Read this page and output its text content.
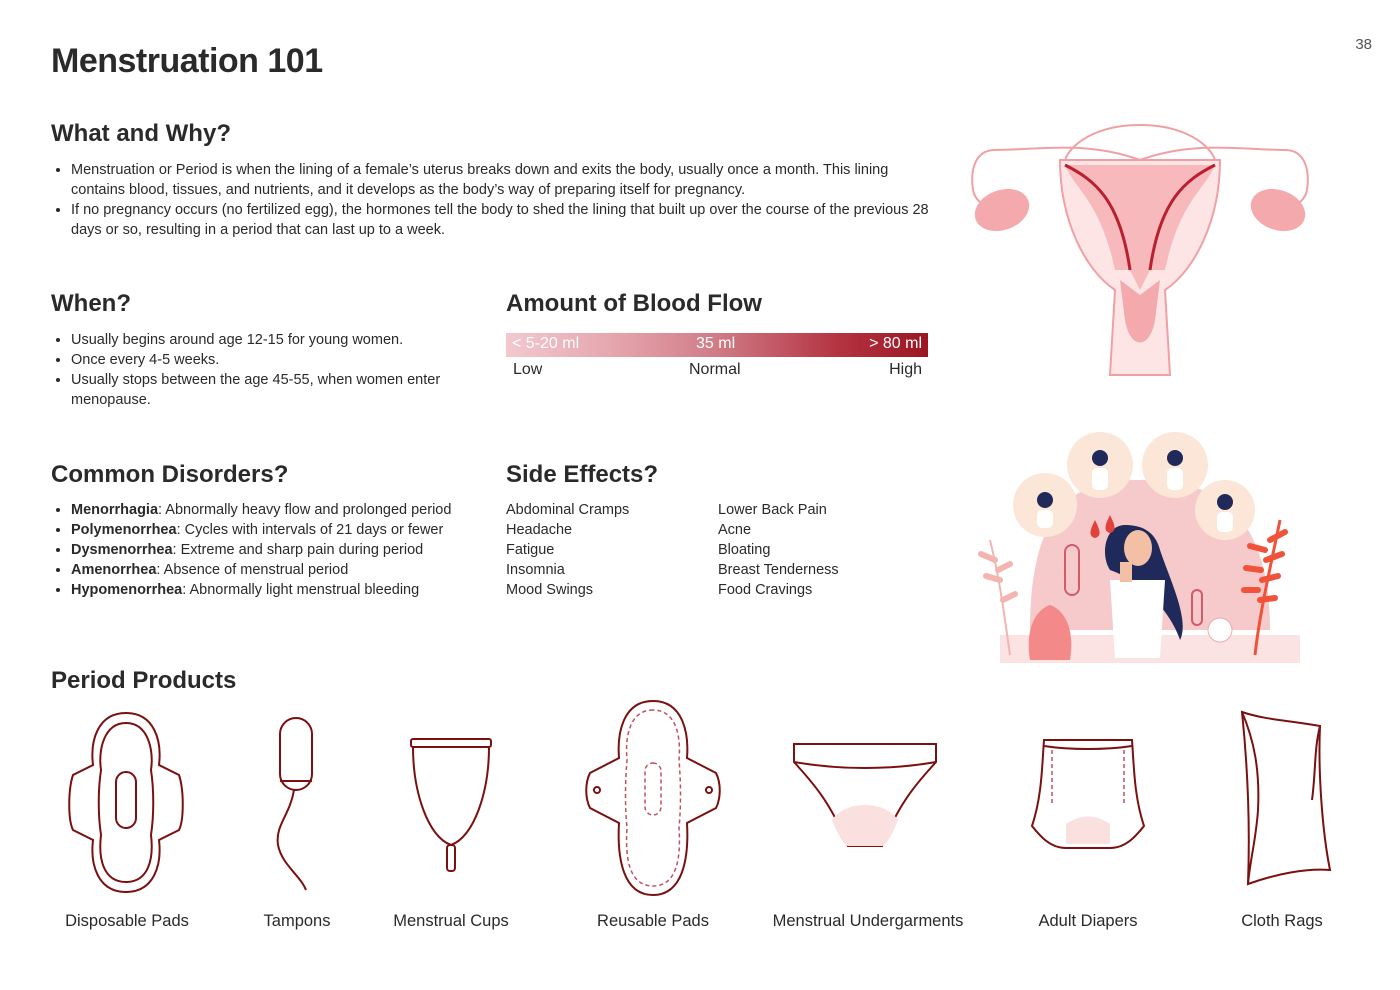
38
Menstruation 101
What and Why?
• Menstruation or Period is when the lining of a female’s uterus breaks down and exits the body, usually once a month. This lining contains blood, tissues, and nutrients, and it develops as the body’s way of preparing itself for pregnancy.
• If no pregnancy occurs (no fertilized egg), the hormones tell the body to shed the lining that built up over the course of the previous 28 days or so, resulting in a period that can last up to a week.
When?
• Usually begins around age 12-15 for young women.
• Once every 4-5 weeks.
• Usually stops between the age 45-55, when women enter menopause.
Amount of Blood Flow
< 5-20 ml	35 ml	> 80 ml
Low	Normal	High
Common Disorders?
• Menorrhagia: Abnormally heavy flow and prolonged period
• Polymenorrhea: Cycles with intervals of 21 days or fewer
• Dysmenorrhea: Extreme and sharp pain during period
• Amenorrhea: Absence of menstrual period
• Hypomenorrhea: Abnormally light menstrual bleeding
Side Effects?
Abdominal Cramps
Headache
Fatigue
Insomnia
Mood Swings
Lower Back Pain
Acne
Bloating
Breast Tenderness
Food Cravings
Period Products
Disposable Pads	Tampons	Menstrual Cups	Reusable Pads	Menstrual Undergarments	Adult Diapers	Cloth Rags
